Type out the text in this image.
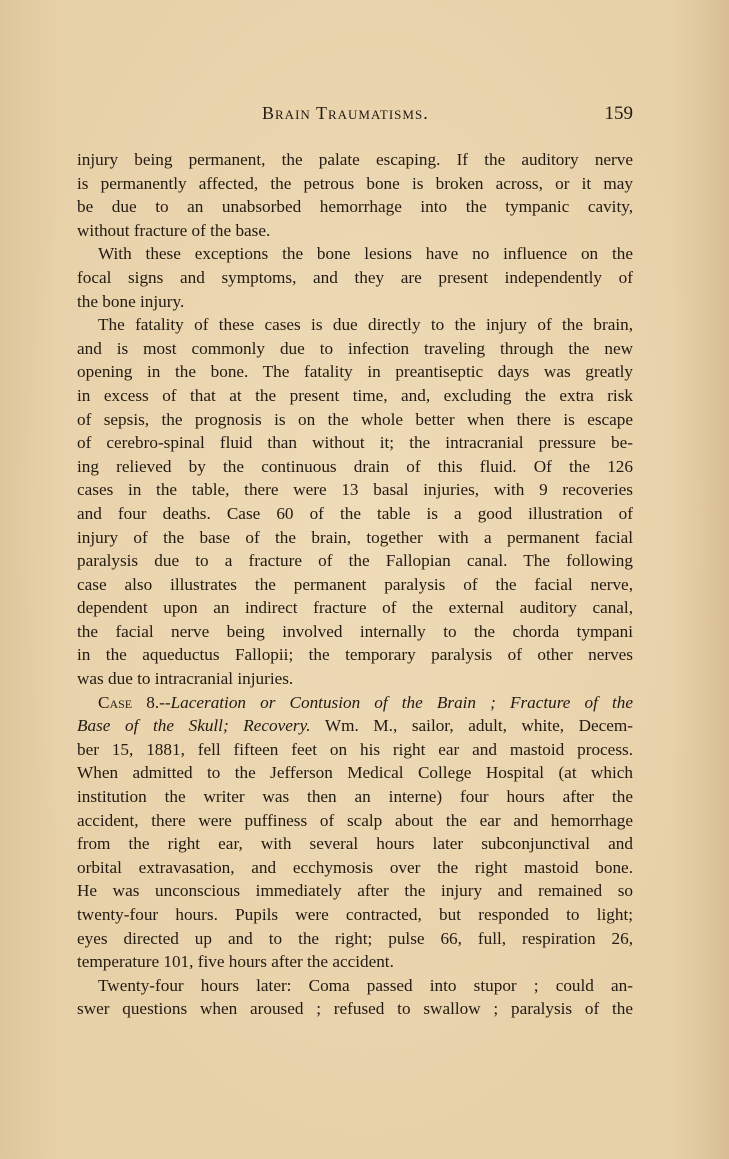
Brain Traumatisms.	159
injury being permanent, the palate escaping. If the auditory nerve
is permanently affected, the petrous bone is broken across, or it may
be due to an unabsorbed hemorrhage into the tympanic cavity,
without fracture of the base.
With these exceptions the bone lesions have no influence on the
focal signs and symptoms, and they are present independently of
the bone injury.
The fatality of these cases is due directly to the injury of the brain,
and is most commonly due to infection traveling through the new
opening in the bone. The fatality in preantiseptic days was greatly
in excess of that at the present time, and, excluding the extra risk
of sepsis, the prognosis is on the whole better when there is escape
of cerebro-spinal fluid than without it; the intracranial pressure be-
ing relieved by the continuous drain of this fluid. Of the 126
cases in the table, there were 13 basal injuries, with 9 recoveries
and four deaths. Case 60 of the table is a good illustration of
injury of the base of the brain, together with a permanent facial
paralysis due to a fracture of the Fallopian canal. The following
case also illustrates the permanent paralysis of the facial nerve,
dependent upon an indirect fracture of the external auditory canal,
the facial nerve being involved internally to the chorda tympani
in the aqueductus Fallopii; the temporary paralysis of other nerves
was due to intracranial injuries.
Case 8.--Laceration or Contusion of the Brain ; Fracture of the
Base of the Skull; Recovery. Wm. M., sailor, adult, white, Decem-
ber 15, 1881, fell fifteen feet on his right ear and mastoid process.
When admitted to the Jefferson Medical College Hospital (at which
institution the writer was then an interne) four hours after the
accident, there were puffiness of scalp about the ear and hemorrhage
from the right ear, with several hours later subconjunctival and
orbital extravasation, and ecchymosis over the right mastoid bone.
He was unconscious immediately after the injury and remained so
twenty-four hours. Pupils were contracted, but responded to light;
eyes directed up and to the right; pulse 66, full, respiration 26,
temperature 101, five hours after the accident.
Twenty-four hours later: Coma passed into stupor ; could an-
swer questions when aroused ; refused to swallow ; paralysis of the
